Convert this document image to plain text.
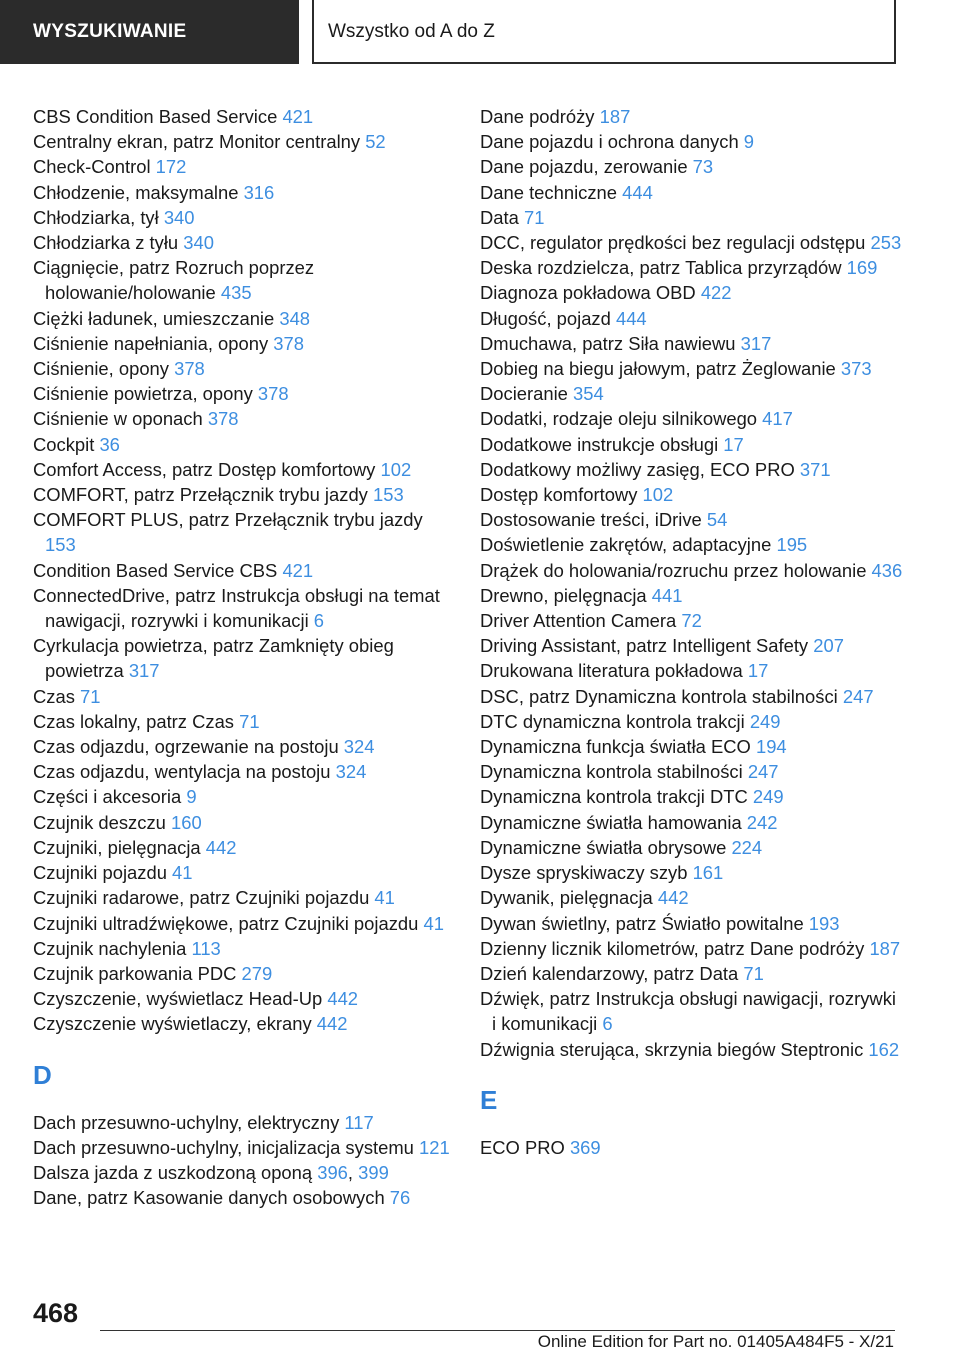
WYSZUKIWANIE	Wszystko od A do Z

CBS Condition Based Service 421

Centralny ekran, patrz Monitor centralny 52

Check-Control 172

Chłodzenie, maksymalne 316

Chłodziarka, tył 340

Chłodziarka z tyłu 340

Ciągnięcie, patrz Rozruch poprzez holowanie/holowanie 435

Ciężki ładunek, umieszczanie 348

Ciśnienie napełniania, opony 378

Ciśnienie, opony 378

Ciśnienie powietrza, opony 378

Ciśnienie w oponach 378

Cockpit 36

Comfort Access, patrz Dostęp komfortowy 102

COMFORT, patrz Przełącznik trybu jazdy 153

COMFORT PLUS, patrz Przełącznik trybu jazdy 153

Condition Based Service CBS 421

ConnectedDrive, patrz Instrukcja obsługi na temat nawigacji, rozrywki i komunikacji 6

Cyrkulacja powietrza, patrz Zamknięty obieg powietrza 317

Czas 71

Czas lokalny, patrz Czas 71

Czas odjazdu, ogrzewanie na postoju 324

Czas odjazdu, wentylacja na postoju 324

Części i akcesoria 9

Czujnik deszczu 160

Czujniki, pielęgnacja 442

Czujniki pojazdu 41

Czujniki radarowe, patrz Czujniki pojazdu 41

Czujniki ultradźwiękowe, patrz Czujniki pojazdu 41

Czujnik nachylenia 113

Czujnik parkowania PDC 279

Czyszczenie, wyświetlacz Head-Up 442

Czyszczenie wyświetlaczy, ekrany 442

D

Dach przesuwno-uchylny, elektryczny 117

Dach przesuwno-uchylny, inicjalizacja systemu 121

Dalsza jazda z uszkodzoną oponą 396, 399

Dane, patrz Kasowanie danych osobowych 76

Dane podróży 187

Dane pojazdu i ochrona danych 9

Dane pojazdu, zerowanie 73

Dane techniczne 444

Data 71

DCC, regulator prędkości bez regulacji odstępu 253

Deska rozdzielcza, patrz Tablica przyrządów 169

Diagnoza pokładowa OBD 422

Długość, pojazd 444

Dmuchawa, patrz Siła nawiewu 317

Dobieg na biegu jałowym, patrz Żeglowanie 373

Docieranie 354

Dodatki, rodzaje oleju silnikowego 417

Dodatkowe instrukcje obsługi 17

Dodatkowy możliwy zasięg, ECO PRO 371

Dostęp komfortowy 102

Dostosowanie treści, iDrive 54

Doświetlenie zakrętów, adaptacyjne 195

Drążek do holowania/rozruchu przez holowanie 436

Drewno, pielęgnacja 441

Driver Attention Camera 72

Driving Assistant, patrz Intelligent Safety 207

Drukowana literatura pokładowa 17

DSC, patrz Dynamiczna kontrola stabilności 247

DTC dynamiczna kontrola trakcji 249

Dynamiczna funkcja światła ECO 194

Dynamiczna kontrola stabilności 247

Dynamiczna kontrola trakcji DTC 249

Dynamiczne światła hamowania 242

Dynamiczne światła obrysowe 224

Dysze spryskiwaczy szyb 161

Dywanik, pielęgnacja 442

Dywan świetlny, patrz Światło powitalne 193

Dzienny licznik kilometrów, patrz Dane podróży 187

Dzień kalendarzowy, patrz Data 71

Dźwięk, patrz Instrukcja obsługi nawigacji, rozrywki i komunikacji 6

Dźwignia sterująca, skrzynia biegów Steptronic 162

E

ECO PRO 369

468
Online Edition for Part no. 01405A484F5 - X/21
